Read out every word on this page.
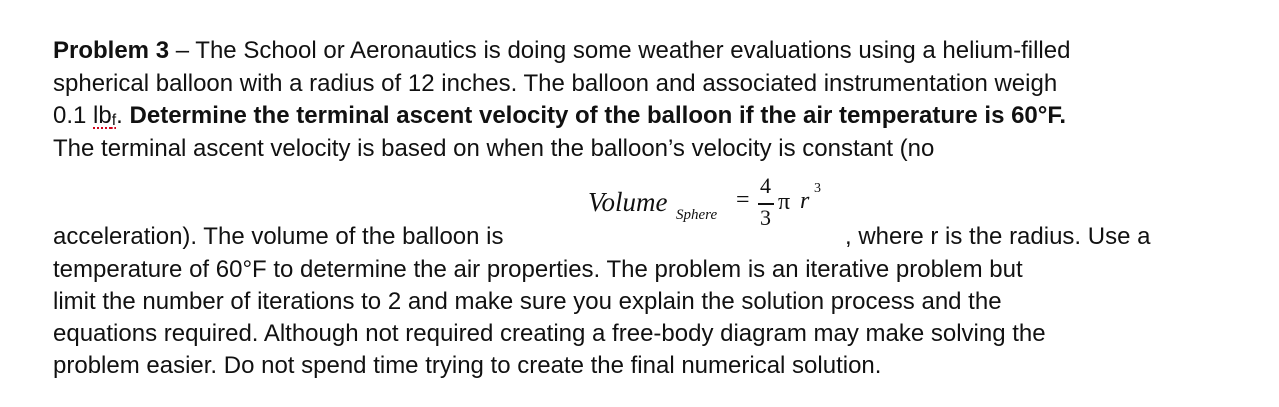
Problem 3 – The School or Aeronautics is doing some weather evaluations using a helium-filled
spherical balloon with a radius of 12 inches. The balloon and associated instrumentation weigh
0.1 $lb_f$. Determine the terminal ascent velocity of the balloon if the air temperature is 60°F.
The terminal ascent velocity is based on when the balloon’s velocity is constant (no
Volume Sphere
=
4
3
π r 3
acceleration). The volume of the balloon is	, where r is the radius. Use a
temperature of 60°F to determine the air properties. The problem is an iterative problem but
limit the number of iterations to 2 and make sure you explain the solution process and the
equations required. Although not required creating a free-body diagram may make solving the
problem easier. Do not spend time trying to create the final numerical solution.
